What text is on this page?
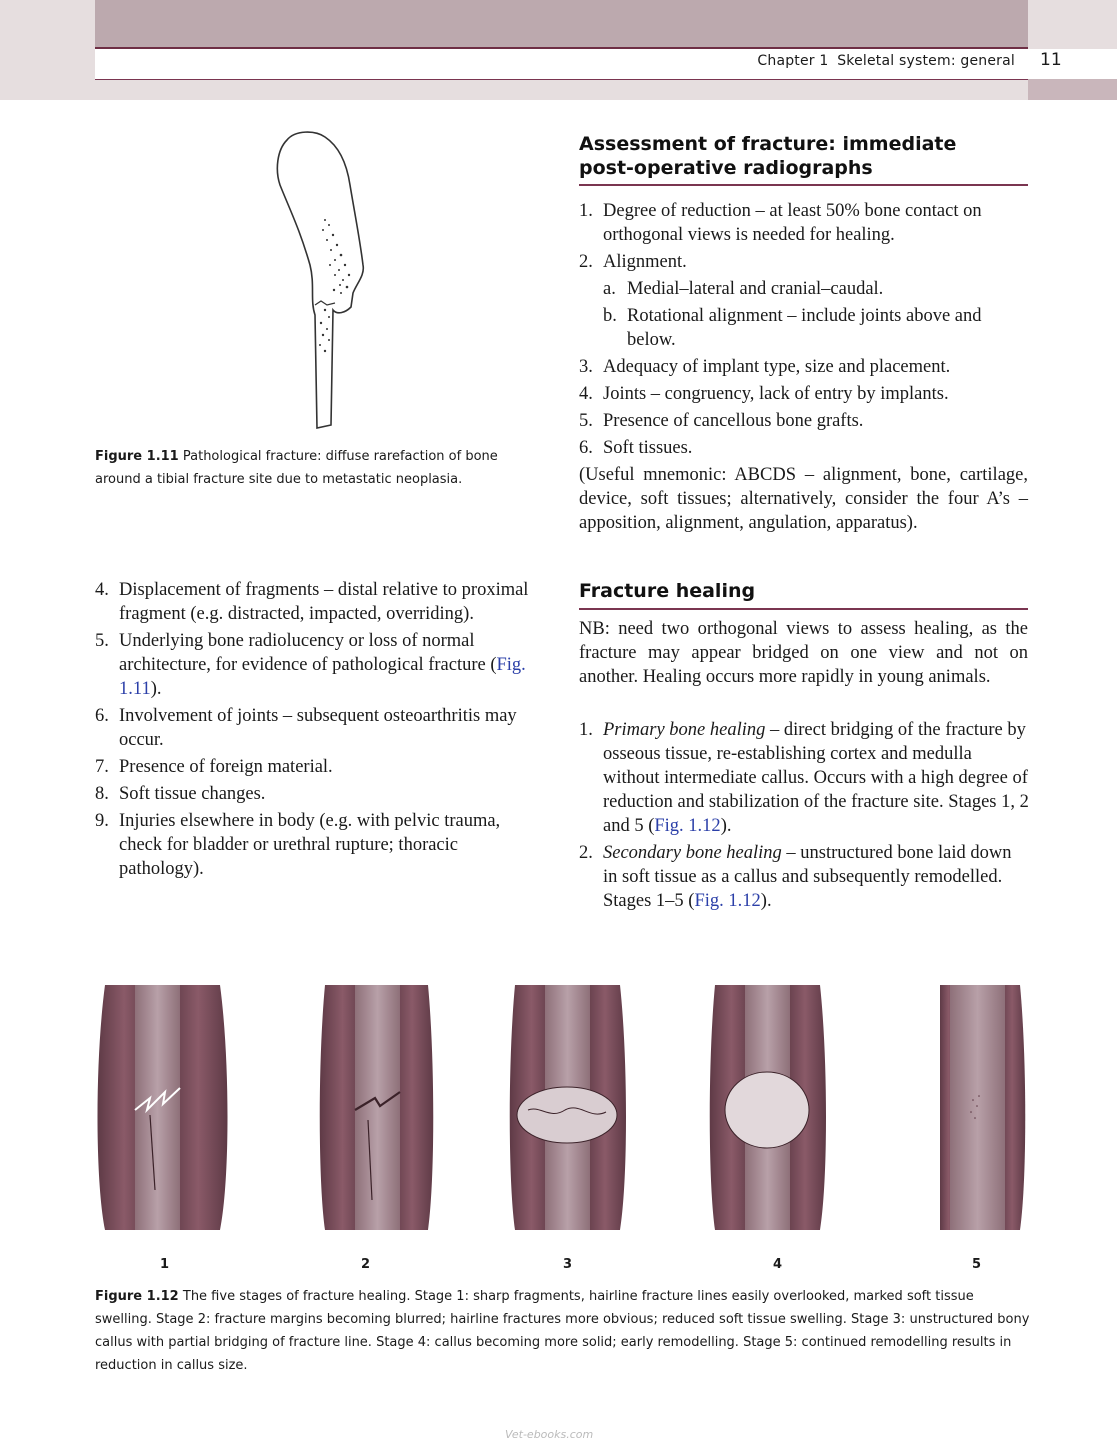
Chapter 1 Skeletal system: general 11
Figure 1.11 Pathological fracture: diffuse rarefaction of bone around a tibial fracture site due to metastatic neoplasia.
4. Displacement of fragments – distal relative to proximal fragment (e.g. distracted, impacted, overriding).
5. Underlying bone radiolucency or loss of normal architecture, for evidence of pathological fracture (Fig. 1.11).
6. Involvement of joints – subsequent osteoarthritis may occur.
7. Presence of foreign material.
8. Soft tissue changes.
9. Injuries elsewhere in body (e.g. with pelvic trauma, check for bladder or urethral rupture; thoracic pathology).
Assessment of fracture: immediate
post-operative radiographs
1. Degree of reduction – at least 50% bone contact on orthogonal views is needed for healing.
2. Alignment.
a. Medial–lateral and cranial–caudal.
b. Rotational alignment – include joints above and below.
3. Adequacy of implant type, size and placement.
4. Joints – congruency, lack of entry by implants.
5. Presence of cancellous bone grafts.
6. Soft tissues.
(Useful mnemonic: ABCDS – alignment, bone, cartilage, device, soft tissues; alternatively, consider the four A’s – apposition, alignment, angulation, apparatus).
Fracture healing
NB: need two orthogonal views to assess healing, as the fracture may appear bridged on one view and not on another. Healing occurs more rapidly in young animals.
1. Primary bone healing – direct bridging of the fracture by osseous tissue, re-establishing cortex and medulla without intermediate callus. Occurs with a high degree of reduction and stabilization of the fracture site. Stages 1, 2 and 5 (Fig. 1.12).
2. Secondary bone healing – unstructured bone laid down in soft tissue as a callus and subsequently remodelled. Stages 1–5 (Fig. 1.12).
1	2	3	4	5
Figure 1.12 The five stages of fracture healing. Stage 1: sharp fragments, hairline fracture lines easily overlooked, marked soft tissue swelling. Stage 2: fracture margins becoming blurred; hairline fractures more obvious; reduced soft tissue swelling. Stage 3: unstructured bony callus with partial bridging of fracture line. Stage 4: callus becoming more solid; early remodelling. Stage 5: continued remodelling results in reduction in callus size.
Vet-ebooks.com
